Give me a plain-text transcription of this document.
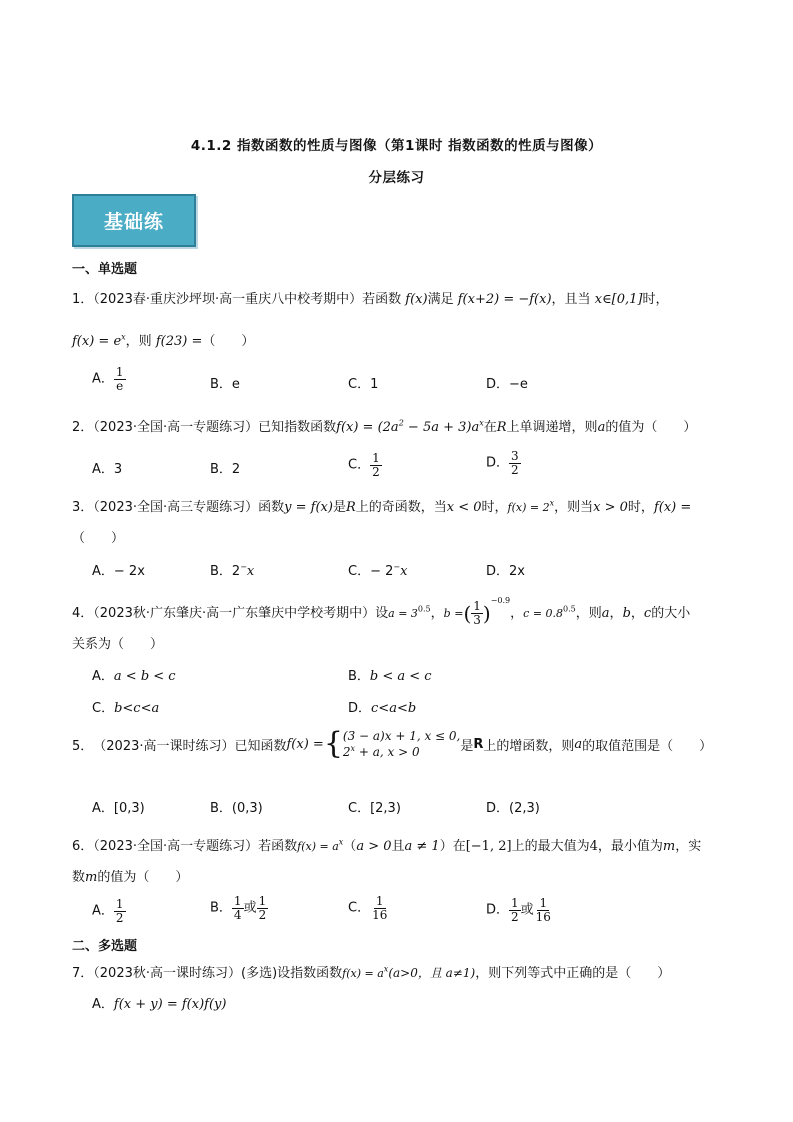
4.1.2 指数函数的性质与图像（第1课时 指数函数的性质与图像）
分层练习
基础练
一、单选题
1．（2023春·重庆沙坪坝·高一重庆八中校考期中）若函数 f(x)满足 f(x+2) = −f(x)，且当 x∈[0,1]时，
$f(x) = e^x$，则 f(23) =（　　）
A． $\frac{1}{e}$	B．e	C．1	D．−e
2．（2023·全国·高一专题练习）已知指数函数$f(x) = (2a^2 - 5a + 3)a^x$在R上单调递增，则a的值为（　　）
A．3	B．2	C． $\frac{1}{2}$	D． $\frac{3}{2}$
3．（2023·全国·高三专题练习）函数y = f(x)是R上的奇函数，当x < 0时，$f(x) = 2^x$，则当x > 0时，f(x) =
（　　）
A．− 2x	B．2−x	C．− 2−x	D．2x
4．（2023秋·广东肇庆·高一广东肇庆中学校考期中）设$a = 3^{0.5}$，b =( $\frac{1}{3} )^{-0.9}$，$c = 0.8^{0.5}$，则a，b，c的大小
关系为（　　）
A．a < b < c	B．b < a < c
C．b<c<a	D．c<a<b
5． （2023·高一课时练习）已知函数 f(x) = { (3 − a)x + 1, x ≤ 0,
$2^x + a$, x > 0	是 R 上的增函数，则 a 的取值范围是（　　）
A．[0,3)	B．(0,3)	C．[2,3)	D．(2,3)
6．（2023·全国·高一专题练习）若函数$f(x) = a^x(a > 0$且a ≠ 1）在[−1, 2]上的最大值为4，最小值为m，实
数m的值为（　　）
A． $\frac{1}{2}$	B． $\frac{1}{4}$ 或 $\frac{1}{2}$	C． $\frac{1}{16}$	D． $\frac{1}{2}$ 或 $\frac{1}{16}$
二、多选题
7．（2023秋·高一课时练习）(多选)设指数函数$f(x) = a^x(a>0$，且 a≠1)，则下列等式中正确的是（　　）
A．f(x + y) = f(x)f(y)
